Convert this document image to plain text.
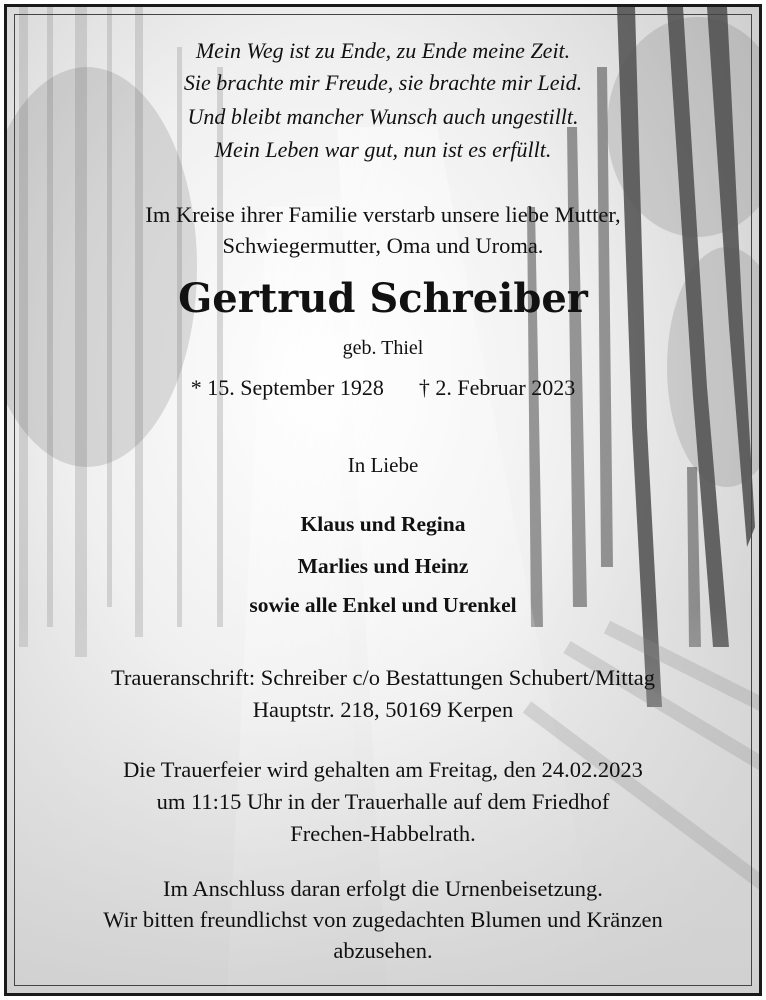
Mein Weg ist zu Ende, zu Ende meine Zeit.
Sie brachte mir Freude, sie brachte mir Leid.
Und bleibt mancher Wunsch auch ungestillt.
Mein Leben war gut, nun ist es erfüllt.
Im Kreise ihrer Familie verstarb unsere liebe Mutter,
Schwiegermutter, Oma und Uroma.
Gertrud Schreiber
geb. Thiel
* 15. September 1928 † 2. Februar 2023
In Liebe
Klaus und Regina
Marlies und Heinz
sowie alle Enkel und Urenkel
Traueranschrift: Schreiber c/o Bestattungen Schubert/Mittag
Hauptstr. 218, 50169 Kerpen
Die Trauerfeier wird gehalten am Freitag, den 24.02.2023
um 11:15 Uhr in der Trauerhalle auf dem Friedhof
Frechen-Habbelrath.
Im Anschluss daran erfolgt die Urnenbeisetzung.
Wir bitten freundlichst von zugedachten Blumen und Kränzen
abzusehen.
